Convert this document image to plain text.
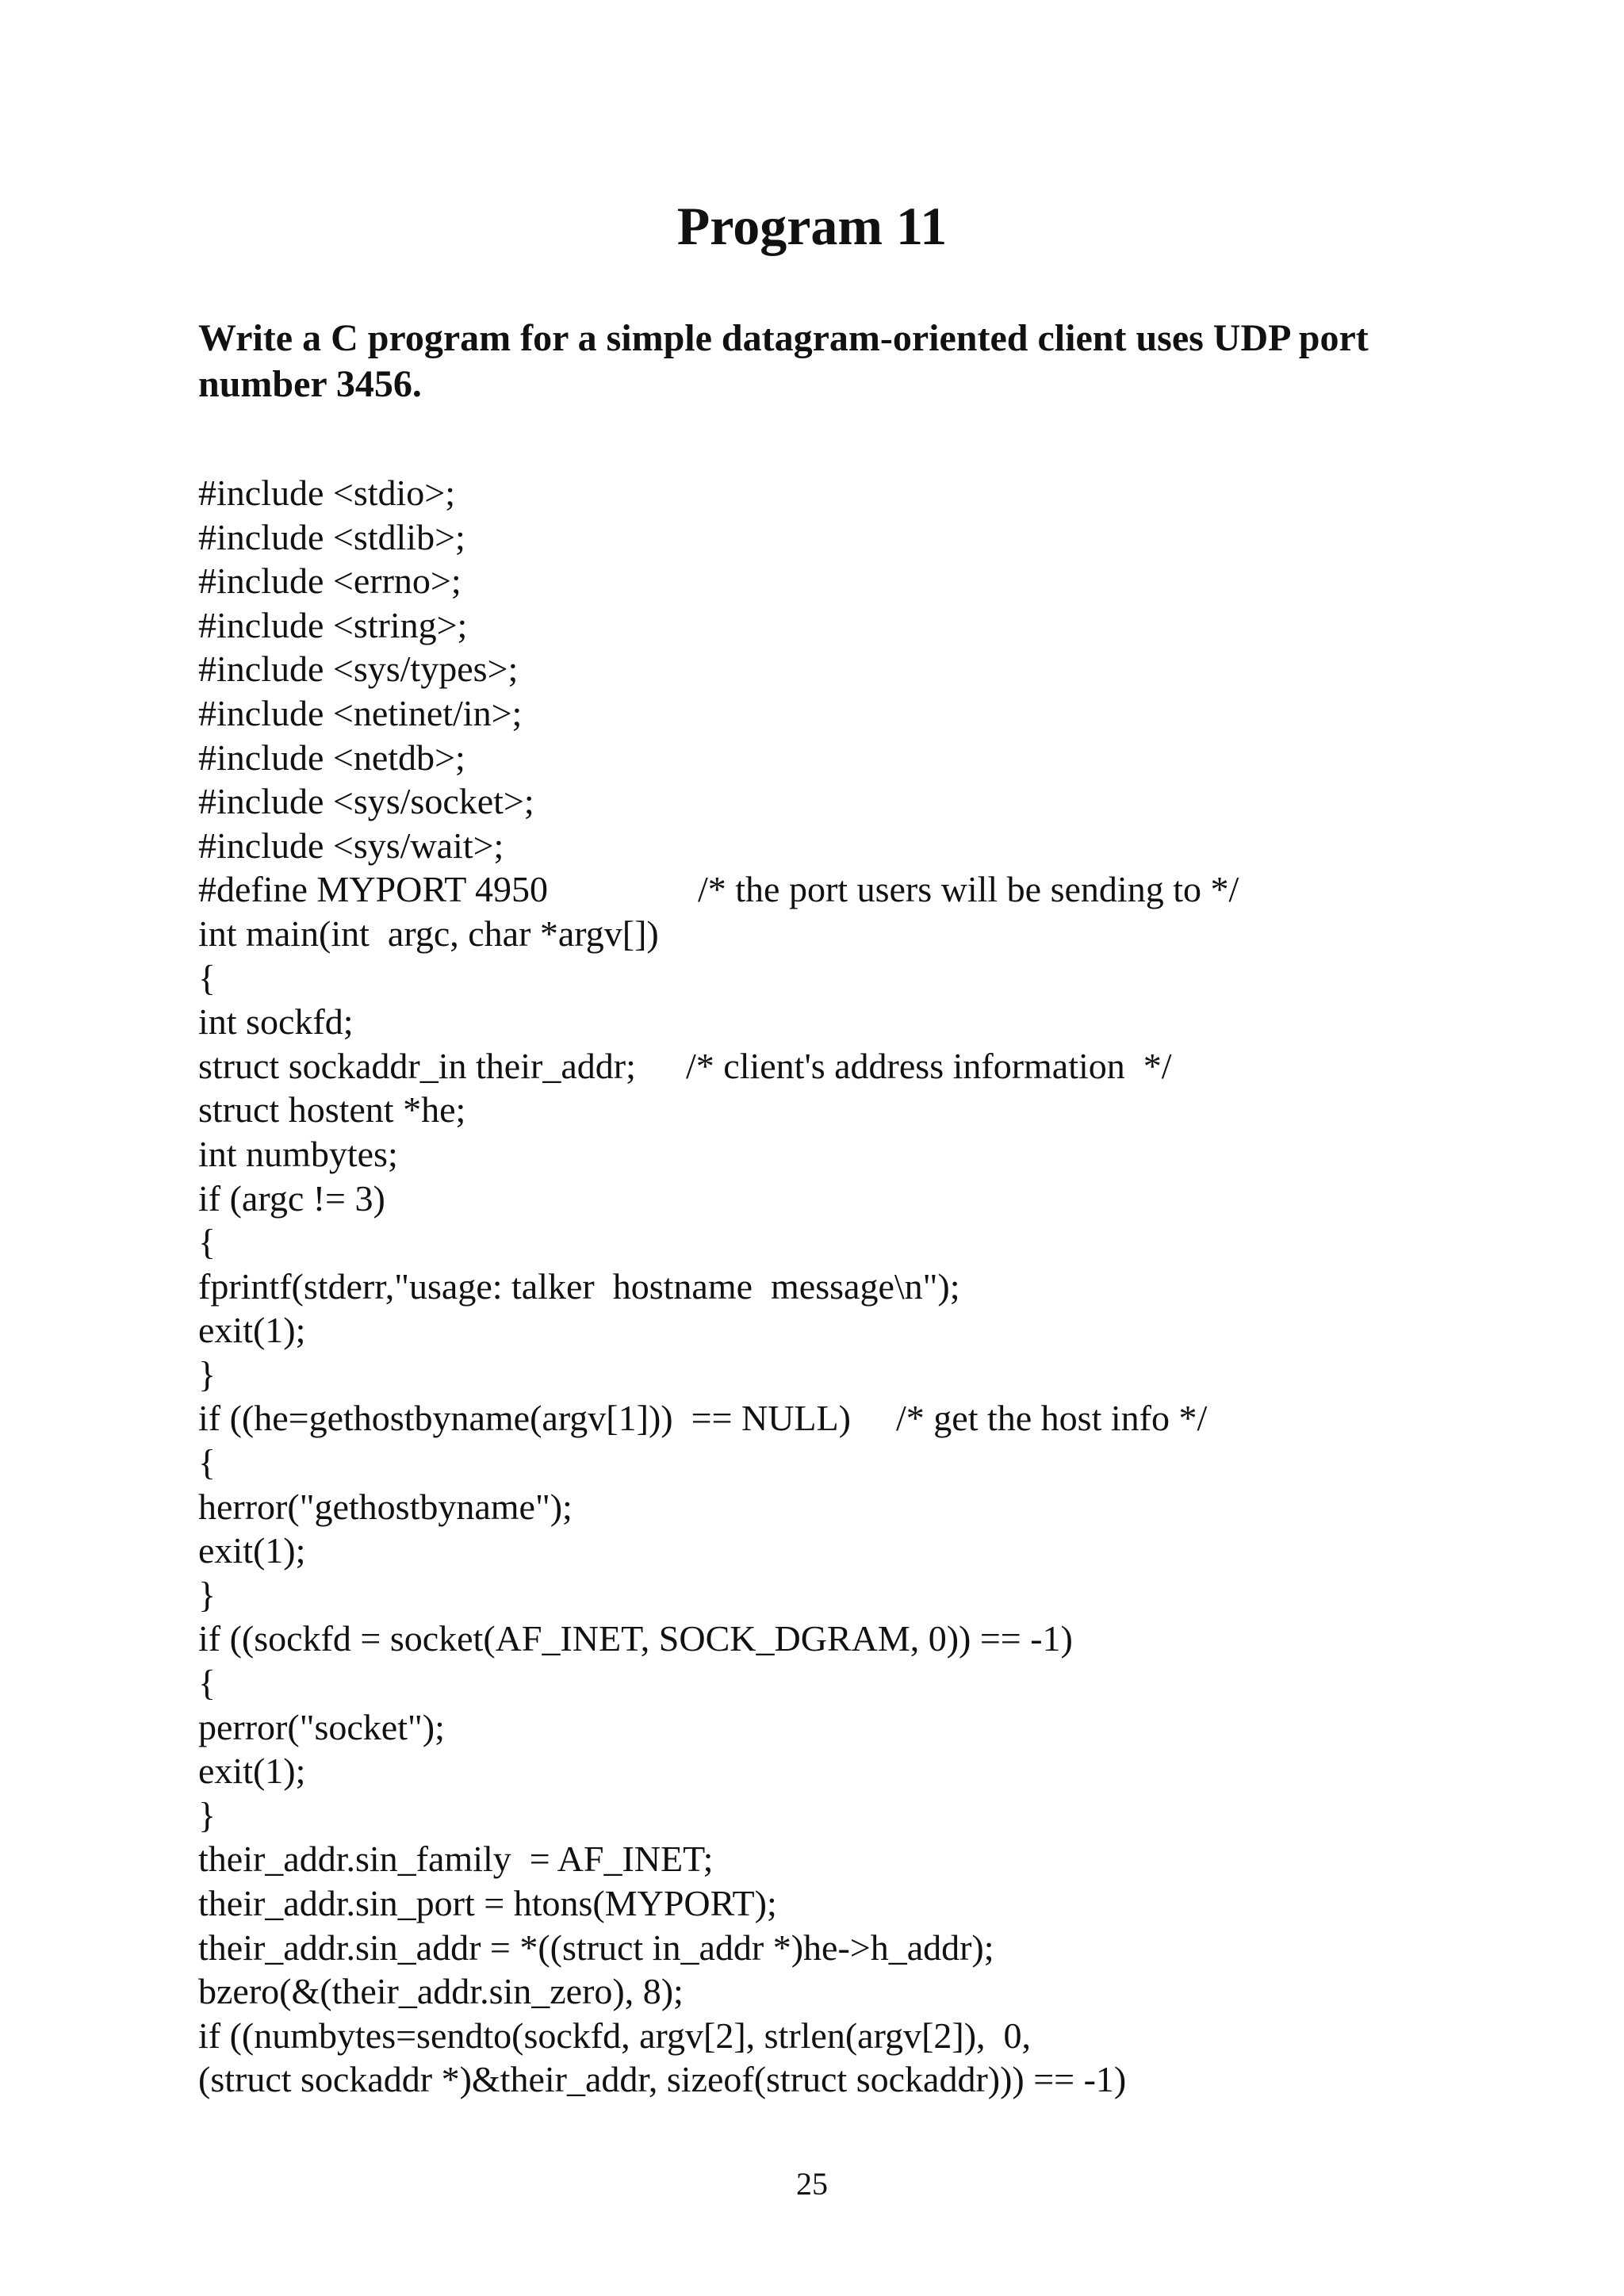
Program 11
Write a C program for a simple datagram-oriented client uses UDP port number 3456.
#include <stdio>;
#include <stdlib>;
#include <errno>;
#include <string>;
#include <sys/types>;
#include <netinet/in>;
#include <netdb>;
#include <sys/socket>;
#include <sys/wait>;
#define MYPORT 4950	/* the port users will be sending to */
int main(int  argc, char *argv[])
{
int sockfd;
struct sockaddr_in their_addr; /* client's address information  */
struct hostent *he;
int numbytes;
if (argc != 3)
{
fprintf(stderr,"usage: talker  hostname  message\n");
exit(1);
}
if ((he=gethostbyname(argv[1]))  == NULL) /* get the host info */
{
herror("gethostbyname");
exit(1);
}
if ((sockfd = socket(AF_INET, SOCK_DGRAM, 0)) == -1)
{
perror("socket");
exit(1);
}
their_addr.sin_family  = AF_INET;
their_addr.sin_port = htons(MYPORT);
their_addr.sin_addr = *((struct in_addr *)he->h_addr);
bzero(&(their_addr.sin_zero), 8);
if ((numbytes=sendto(sockfd, argv[2], strlen(argv[2]),  0,
(struct sockaddr *)&their_addr, sizeof(struct sockaddr))) == -1)
25
